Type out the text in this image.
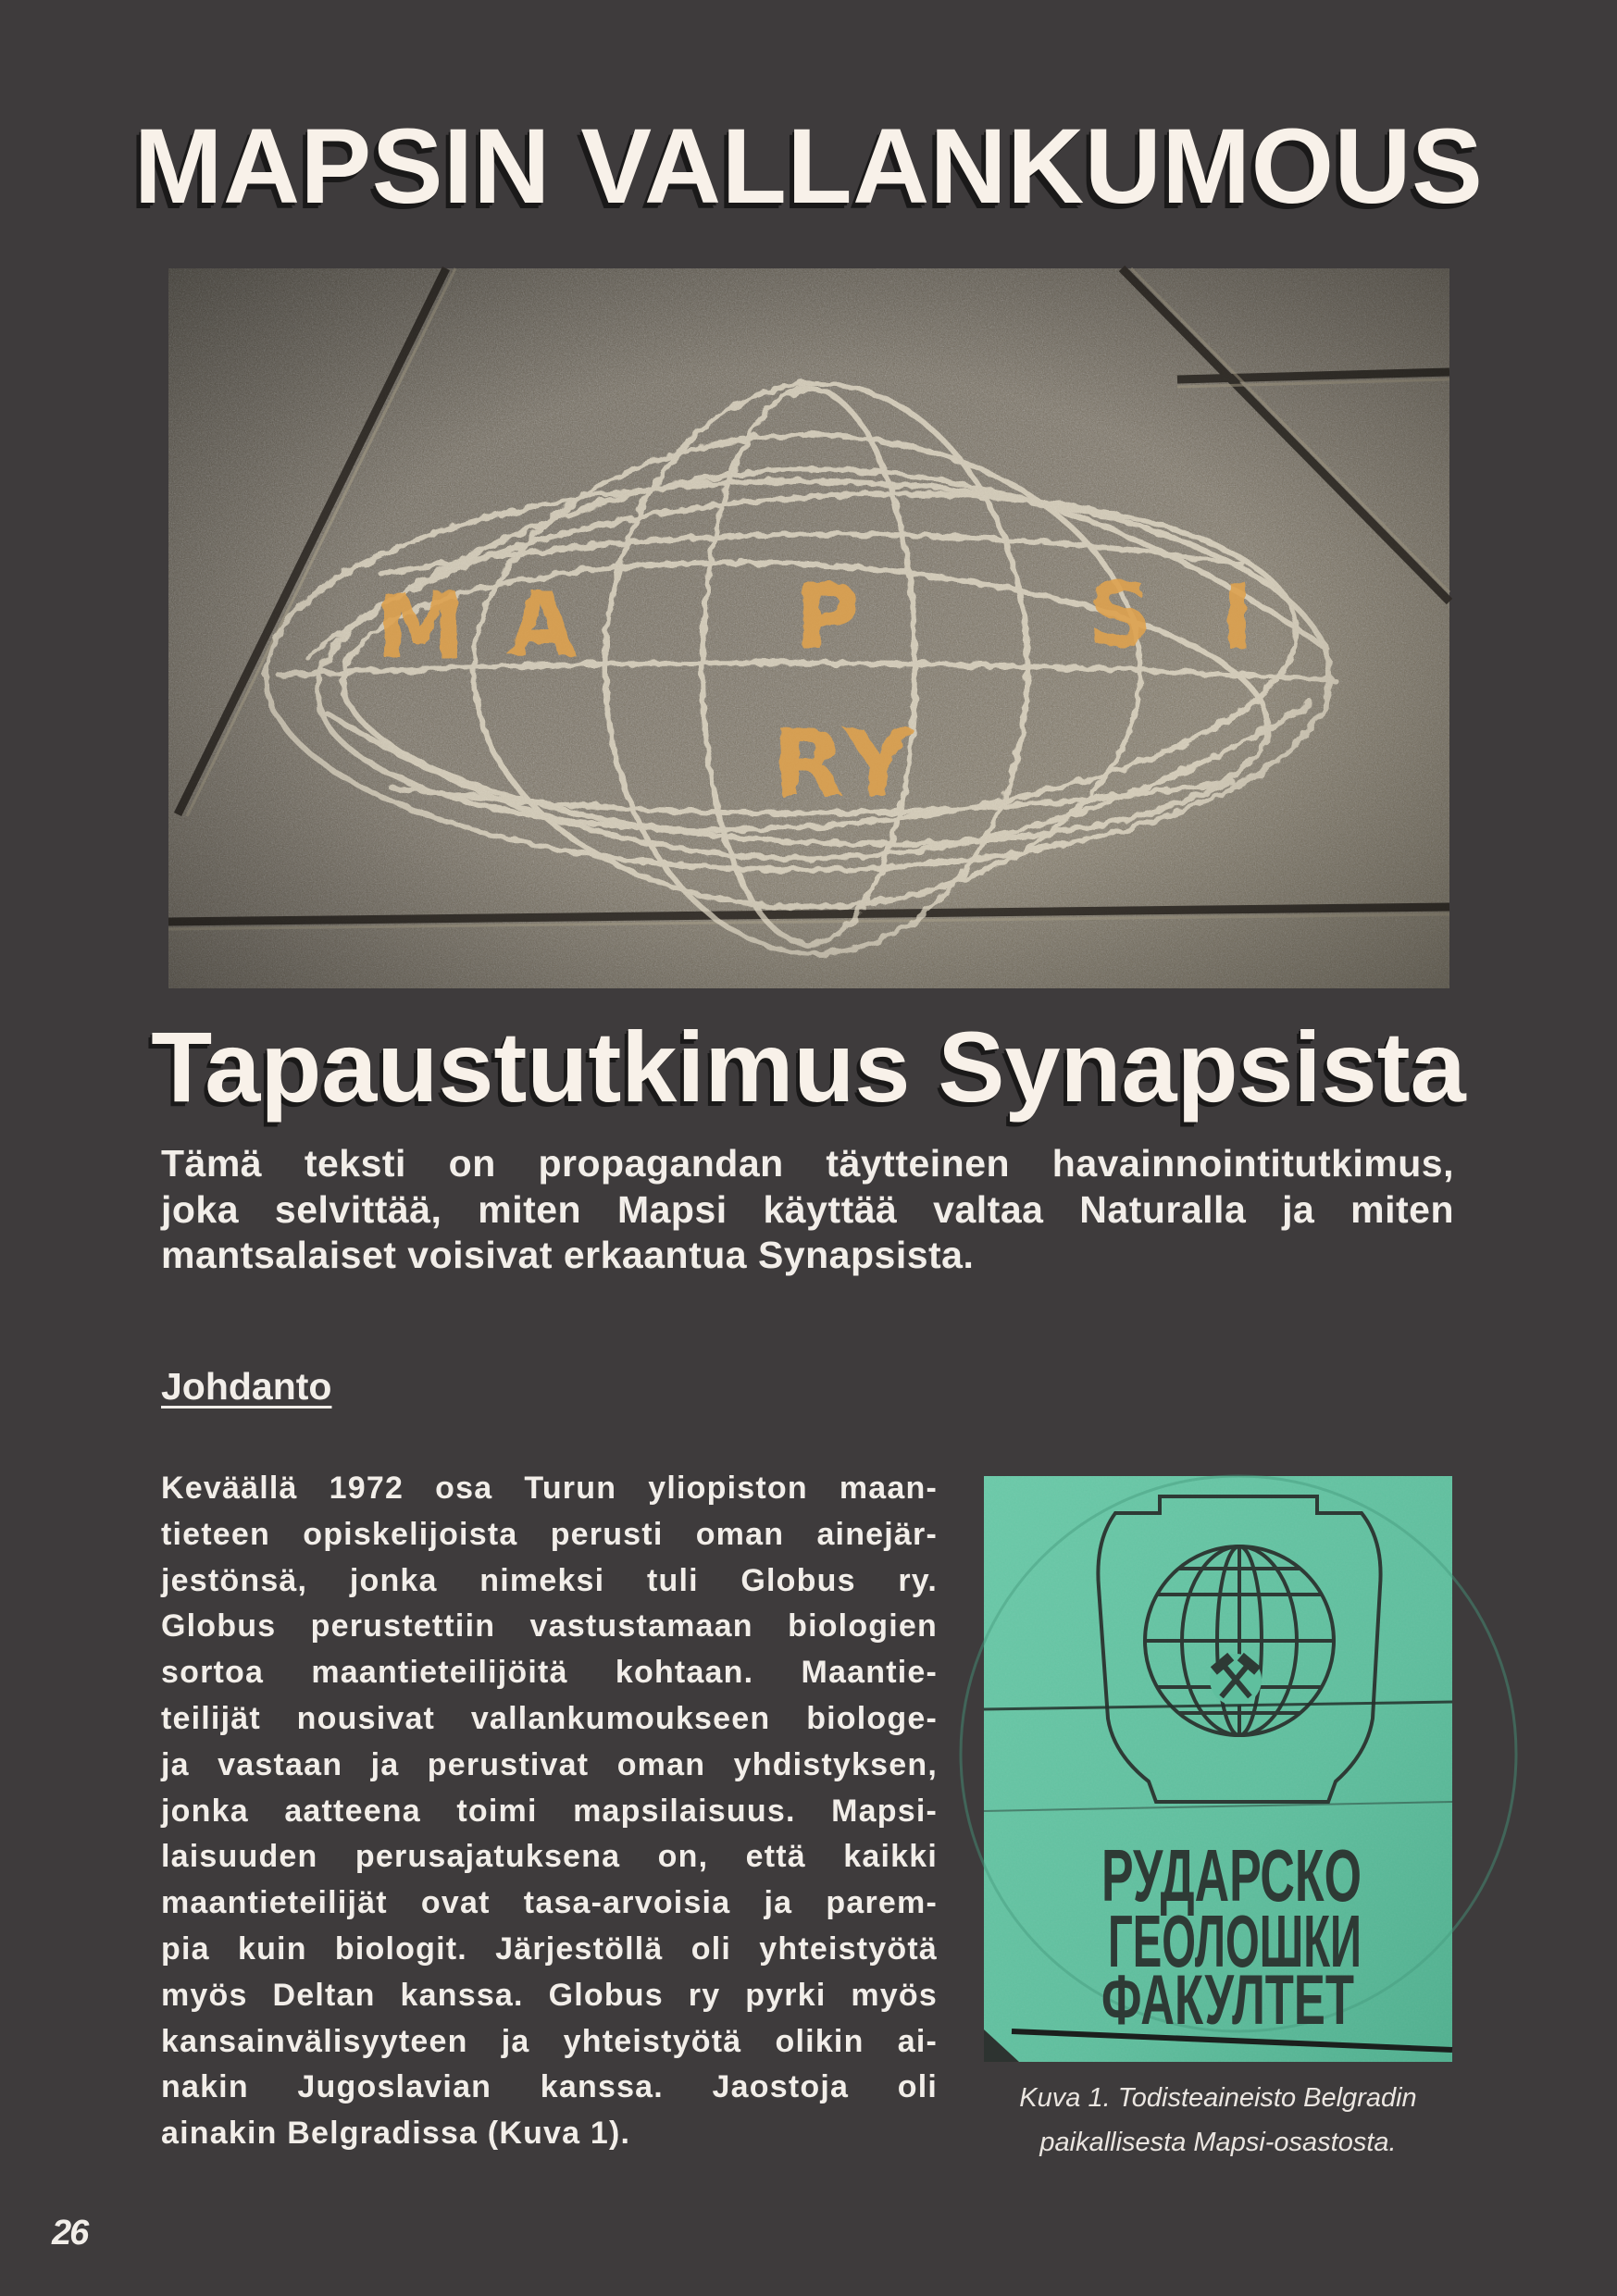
MAPSIN VALLANKUMOUS
Tapaustutkimus Synapsista
Tämä teksti on propagandan täytteinen havainnointitutkimus,
joka selvittää, miten Mapsi käyttää valtaa Naturalla ja miten
mantsalaiset voisivat erkaantua Synapsista.
Johdanto
Keväällä 1972 osa Turun yliopiston maan-
tieteen opiskelijoista perusti oman ainejär-
jestönsä, jonka nimeksi tuli Globus ry.
Globus perustettiin vastustamaan biologien
sortoa maantieteilijöitä kohtaan. Maantie-
teilijät nousivat vallankumoukseen biologe-
ja vastaan ja perustivat oman yhdistyksen,
jonka aatteena toimi mapsilaisuus. Mapsi-
laisuuden perusajatuksena on, että kaikki
maantieteilijät ovat tasa-arvoisia ja parem-
pia kuin biologit. Järjestöllä oli yhteistyötä
myös Deltan kanssa. Globus ry pyrki myös
kansainvälisyyteen ja yhteistyötä olikin ai-
nakin Jugoslavian kanssa. Jaostoja oli
ainakin Belgradissa (Kuva 1).
РУДАРСКО
ГЕОЛОШКИ
ФАКУЛТЕТ
Kuva 1. Todisteaineisto Belgradin
paikallisesta Mapsi-osastosta.
26
